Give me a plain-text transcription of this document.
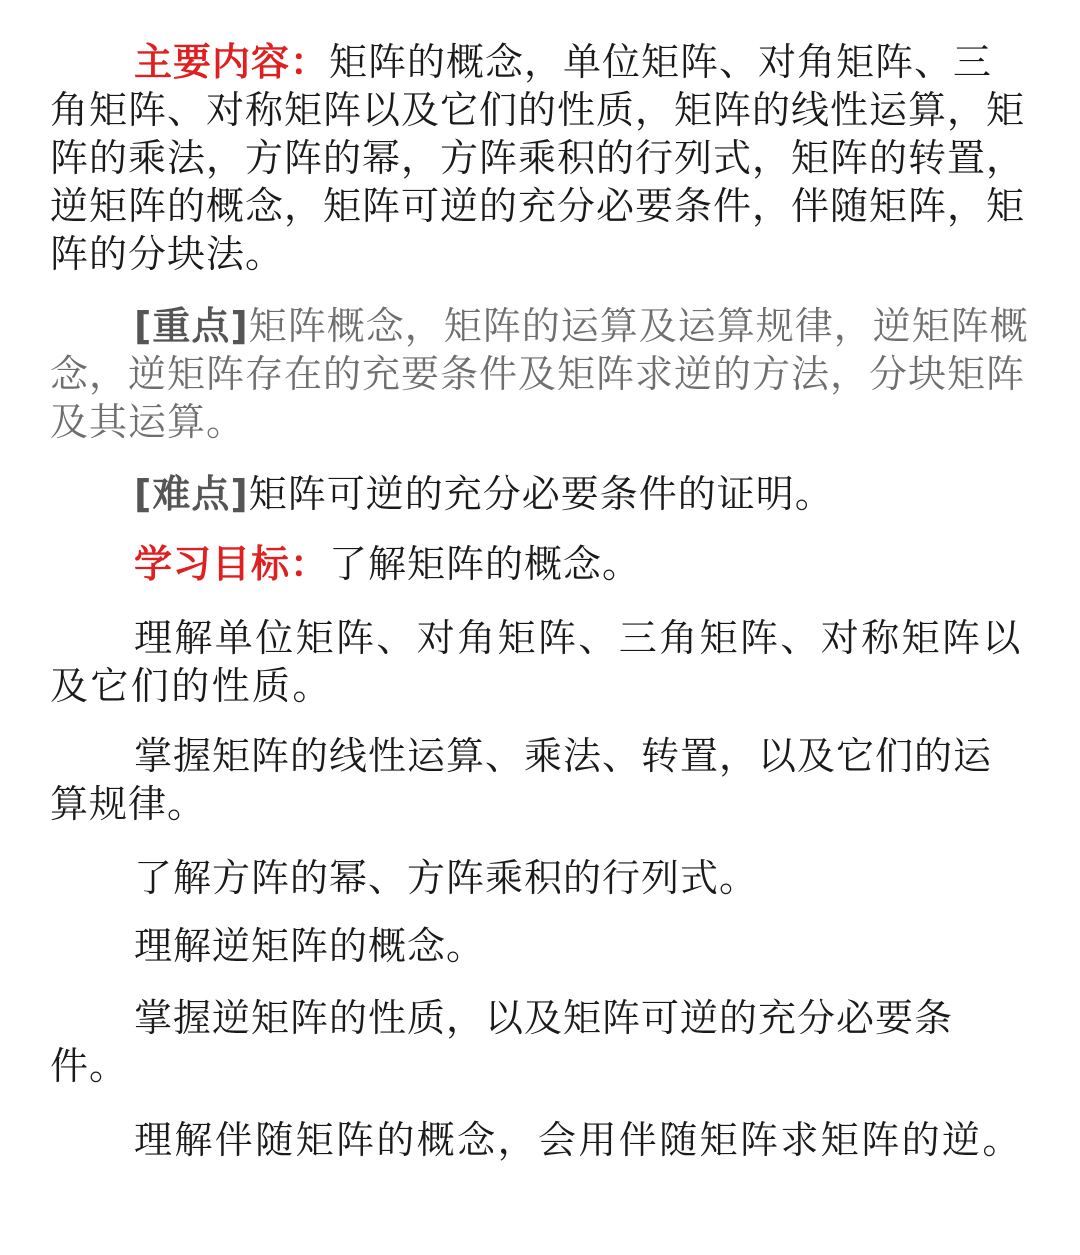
主要内容：矩阵的概念，单位矩阵、对角矩阵、三角矩阵、对称矩阵以及它们的性质，矩阵的线性运算，矩阵的乘法，方阵的幂，方阵乘积的行列式，矩阵的转置，逆矩阵的概念，矩阵可逆的充分必要条件，伴随矩阵，矩阵的分块法。

[重点]矩阵概念，矩阵的运算及运算规律，逆矩阵概念，逆矩阵存在的充要条件及矩阵求逆的方法，分块矩阵及其运算。

[难点]矩阵可逆的充分必要条件的证明。

学习目标：了解矩阵的概念。

理解单位矩阵、对角矩阵、三角矩阵、对称矩阵以及它们的性质。

掌握矩阵的线性运算、乘法、转置，以及它们的运算规律。

了解方阵的幂、方阵乘积的行列式。

理解逆矩阵的概念。

掌握逆矩阵的性质，以及矩阵可逆的充分必要条件。

理解伴随矩阵的概念，会用伴随矩阵求矩阵的逆。
